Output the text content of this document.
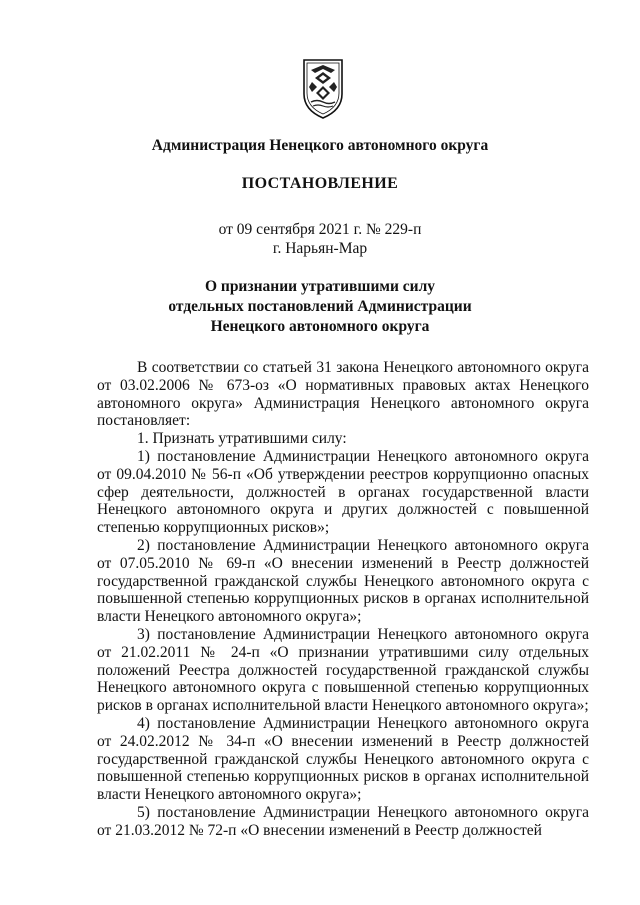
Администрация Ненецкого автономного округа
ПОСТАНОВЛЕНИЕ
от 09 сентября 2021 г. № 229-п
г. Нарьян-Мар
О признании утратившими силу
отдельных постановлений Администрации
Ненецкого автономного округа

В соответствии со статьей 31 закона Ненецкого автономного округа от 03.02.2006 № 673-оз «О нормативных правовых актах Ненецкого автономного округа» Администрация Ненецкого автономного округа постановляет:

1. Признать утратившими силу:

1) постановление Администрации Ненецкого автономного округа от 09.04.2010 № 56-п «Об утверждении реестров коррупционно опасных сфер деятельности, должностей в органах государственной власти Ненецкого автономного округа и других должностей с повышенной степенью коррупционных рисков»;

2) постановление Администрации Ненецкого автономного округа от 07.05.2010 № 69-п «О внесении изменений в Реестр должностей государственной гражданской службы Ненецкого автономного округа с повышенной степенью коррупционных рисков в органах исполнительной власти Ненецкого автономного округа»;

3) постановление Администрации Ненецкого автономного округа от 21.02.2011 № 24-п «О признании утратившими силу отдельных положений Реестра должностей государственной гражданской службы Ненецкого автономного округа с повышенной степенью коррупционных рисков в органах исполнительной власти Ненецкого автономного округа»;

4) постановление Администрации Ненецкого автономного округа от 24.02.2012 № 34-п «О внесении изменений в Реестр должностей государственной гражданской службы Ненецкого автономного округа с повышенной степенью коррупционных рисков в органах исполнительной власти Ненецкого автономного округа»;

5) постановление Администрации Ненецкого автономного округа от 21.03.2012 № 72-п «О внесении изменений в Реестр должностей
